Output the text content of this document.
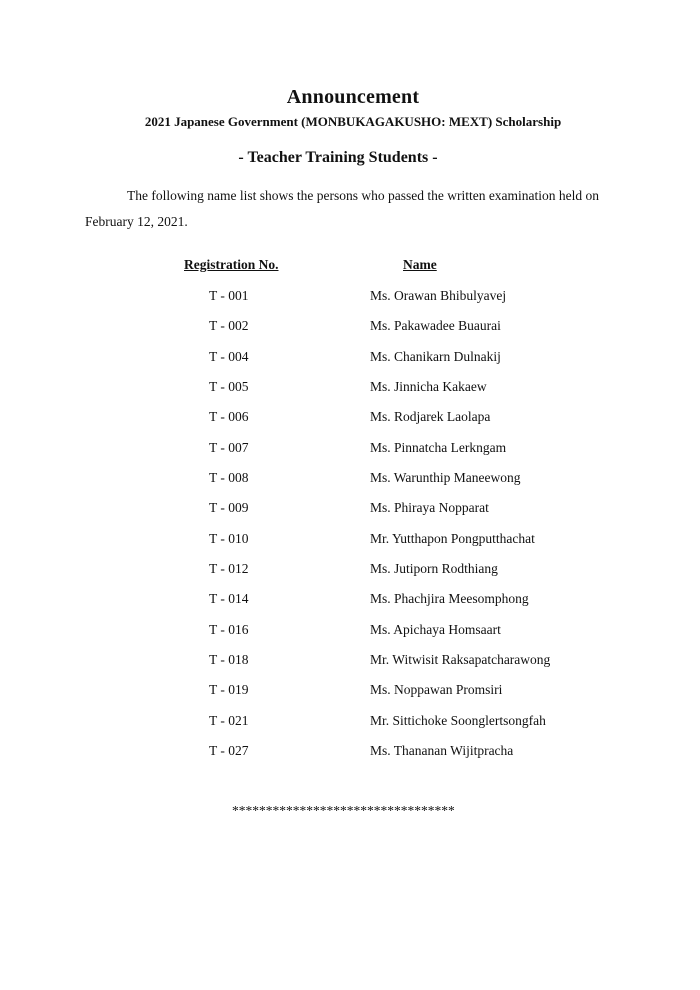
Announcement
2021 Japanese Government (MONBUKAGAKUSHO: MEXT) Scholarship
- Teacher Training Students -
The following name list shows the persons who passed the written examination held on February 12, 2021.
Registration No.	Name
T - 001	Ms. Orawan Bhibulyavej
T - 002	Ms. Pakawadee Buaurai
T - 004	Ms. Chanikarn Dulnakij
T - 005	Ms. Jinnicha Kakaew
T - 006	Ms. Rodjarek Laolapa
T - 007	Ms. Pinnatcha Lerkngam
T - 008	Ms. Warunthip Maneewong
T - 009	Ms. Phiraya Nopparat
T - 010	Mr. Yutthapon Pongputthachat
T - 012	Ms. Jutiporn Rodthiang
T - 014	Ms. Phachjira Meesomphong
T - 016	Ms. Apichaya Homsaart
T - 018	Mr. Witwisit Raksapatcharawong
T - 019	Ms. Noppawan Promsiri
T - 021	Mr. Sittichoke Soonglertsongfah
T - 027	Ms. Thananan Wijitpracha
*********************************
